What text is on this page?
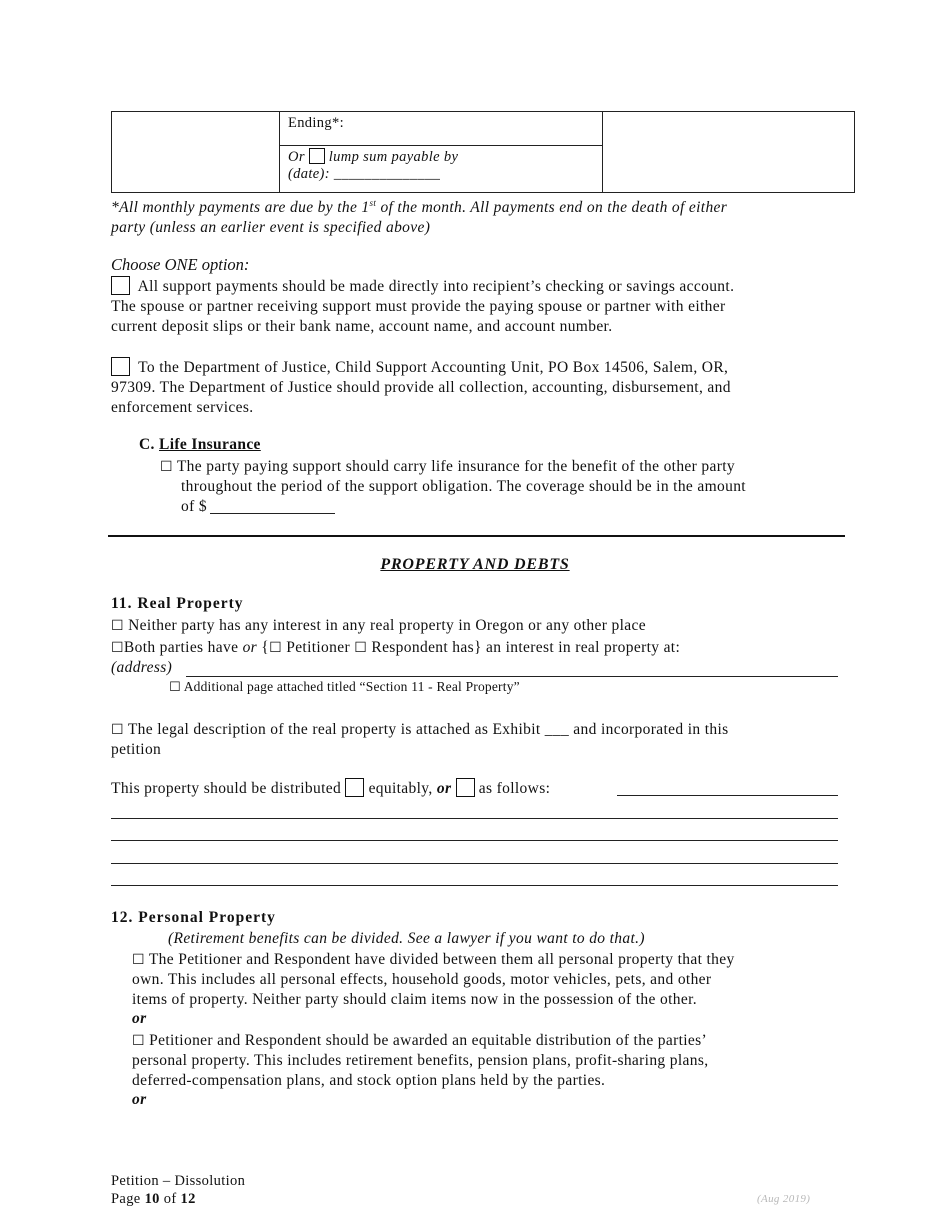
Ending*:

Or lump sum payable by
(date): ______________
*All monthly payments are due by the 1st of the month. All payments end on the death of either
party (unless an earlier event is specified above)
Choose ONE option:
All support payments should be made directly into recipient’s checking or savings account.
The spouse or partner receiving support must provide the paying spouse or partner with either
current deposit slips or their bank name, account name, and account number.
To the Department of Justice, Child Support Accounting Unit, PO Box 14506, Salem, OR,
97309. The Department of Justice should provide all collection, accounting, disbursement, and
enforcement services.
C. Life Insurance
☐ The party paying support should carry life insurance for the benefit of the other party
throughout the period of the support obligation. The coverage should be in the amount
of $
PROPERTY AND DEBTS
11. Real Property
☐ Neither party has any interest in any real property in Oregon or any other place
☐Both parties have or {☐ Petitioner ☐ Respondent has} an interest in real property at:
(address)
☐ Additional page attached titled “Section 11 - Real Property”
☐ The legal description of the real property is attached as Exhibit ___ and incorporated in this
petition
This property should be distributed equitably, or as follows:
12. Personal Property
(Retirement benefits can be divided. See a lawyer if you want to do that.)
☐ The Petitioner and Respondent have divided between them all personal property that they
own. This includes all personal effects, household goods, motor vehicles, pets, and other
items of property. Neither party should claim items now in the possession of the other.
or
☐ Petitioner and Respondent should be awarded an equitable distribution of the parties’
personal property. This includes retirement benefits, pension plans, profit-sharing plans,
deferred-compensation plans, and stock option plans held by the parties.
or
Petition – Dissolution
Page 10 of 12	(Aug 2019)
